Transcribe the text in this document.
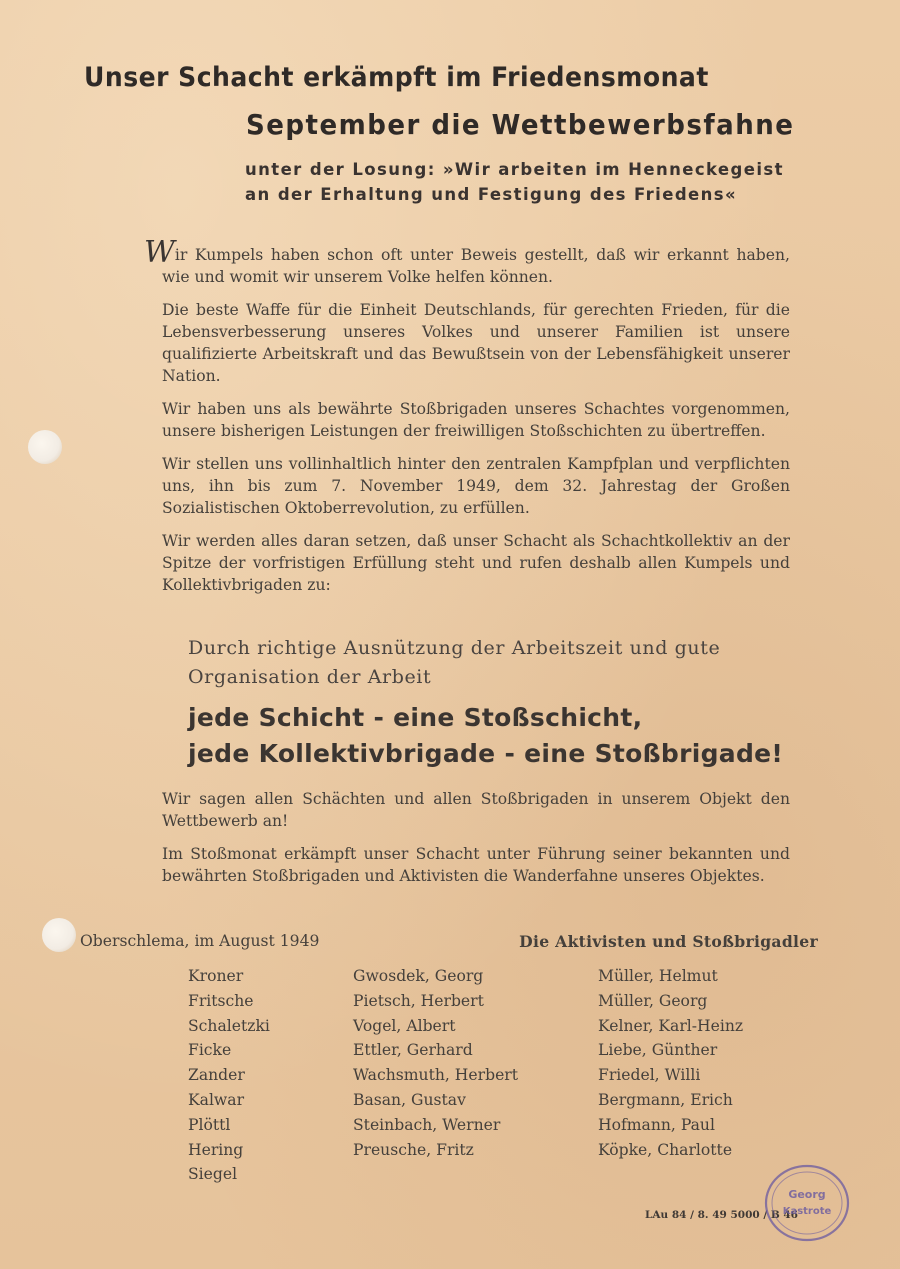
Unser Schacht erkämpft im Friedensmonat
September die Wettbewerbsfahne
unter der Losung: »Wir arbeiten im Henneckegeist
an der Erhaltung und Festigung des Friedens«

Wir Kumpels haben schon oft unter Beweis gestellt, daß wir erkannt haben, wie und womit wir unserem Volke helfen können.

Die beste Waffe für die Einheit Deutschlands, für gerechten Frieden, für die Lebensverbesserung unseres Volkes und unserer Familien ist unsere qualifizierte Arbeitskraft und das Bewußtsein von der Lebensfähigkeit unserer Nation.

Wir haben uns als bewährte Stoßbrigaden unseres Schachtes vorgenommen, unsere bisherigen Leistungen der freiwilligen Stoßschichten zu übertreffen.

Wir stellen uns vollinhaltlich hinter den zentralen Kampfplan und verpflichten uns, ihn bis zum 7. November 1949, dem 32. Jahrestag der Großen Sozialistischen Oktoberrevolution, zu erfüllen.

Wir werden alles daran setzen, daß unser Schacht als Schachtkollektiv an der Spitze der vorfristigen Erfüllung steht und rufen deshalb allen Kumpels und Kollektivbrigaden zu:

Durch richtige Ausnützung der Arbeitszeit und gute
Organisation der Arbeit
jede Schicht - eine Stoßschicht,
jede Kollektivbrigade - eine Stoßbrigade!

Wir sagen allen Schächten und allen Stoßbrigaden in unserem Objekt den Wettbewerb an!

Im Stoßmonat erkämpft unser Schacht unter Führung seiner bekannten und bewährten Stoßbrigaden und Aktivisten die Wanderfahne unseres Objektes.

Oberschlema, im August 1949	Die Aktivisten und Stoßbrigadler
Kroner
Fritsche
Schaletzki
Ficke
Zander
Kalwar
Plöttl
Hering
Siegel
Gwosdek, Georg
Pietsch, Herbert
Vogel, Albert
Ettler, Gerhard
Wachsmuth, Herbert
Basan, Gustav
Steinbach, Werner
Preusche, Fritz
Müller, Helmut
Müller, Georg
Kelner, Karl-Heinz
Liebe, Günther
Friedel, Willi
Bergmann, Erich
Hofmann, Paul
Köpke, Charlotte
LAu 84 / 8. 49 5000 / B 46
Georg
Kastrote
